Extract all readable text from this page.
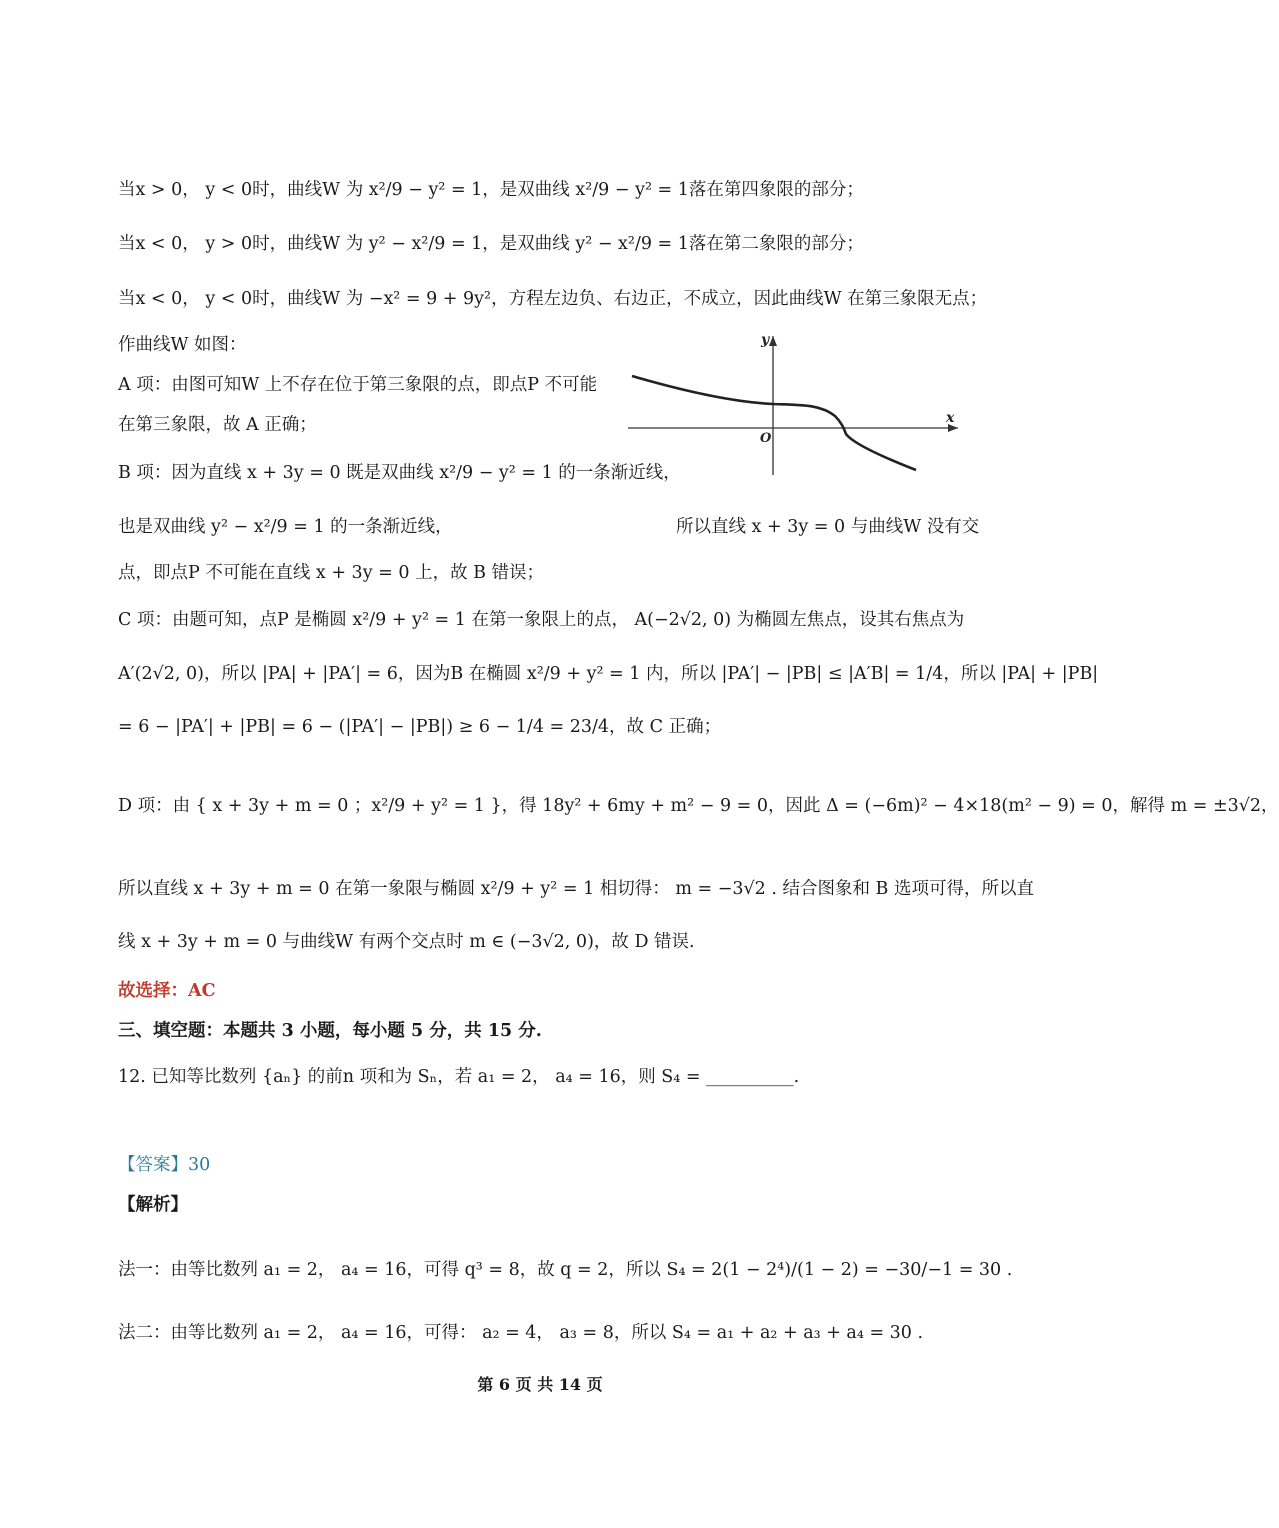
当x > 0， y < 0时，曲线W 为 x²/9 − y² = 1，是双曲线 x²/9 − y² = 1落在第四象限的部分；
当x < 0， y > 0时，曲线W 为 y² − x²/9 = 1，是双曲线 y² − x²/9 = 1落在第二象限的部分；
当x < 0， y < 0时，曲线W 为 −x² = 9 + 9y²，方程左边负、右边正，不成立，因此曲线W 在第三象限无点；
作曲线W 如图：
A 项：由图可知W 上不存在位于第三象限的点，即点P 不可能
在第三象限，故 A 正确；
B 项：因为直线 x + 3y = 0 既是双曲线 x²/9 − y² = 1 的一条渐近线，
也是双曲线 y² − x²/9 = 1 的一条渐近线，	所以直线 x + 3y = 0 与曲线W 没有交
点，即点P 不可能在直线 x + 3y = 0 上，故 B 错误；
C 项：由题可知，点P 是椭圆 x²/9 + y² = 1 在第一象限上的点， A(−2√2, 0) 为椭圆左焦点，设其右焦点为
A′(2√2, 0)，所以 |PA| + |PA′| = 6，因为B 在椭圆 x²/9 + y² = 1 内，所以 |PA′| − |PB| ≤ |A′B| = 1/4，所以 |PA| + |PB|
= 6 − |PA′| + |PB| = 6 − (|PA′| − |PB|) ≥ 6 − 1/4 = 23/4，故 C 正确；
D 项：由 { x + 3y + m = 0 ；x²/9 + y² = 1 }，得 18y² + 6my + m² − 9 = 0，因此 Δ = (−6m)² − 4×18(m² − 9) = 0，解得 m = ±3√2，
所以直线 x + 3y + m = 0 在第一象限与椭圆 x²/9 + y² = 1 相切得： m = −3√2 . 结合图象和 B 选项可得，所以直
线 x + 3y + m = 0 与曲线W 有两个交点时 m ∈ (−3√2, 0)，故 D 错误.
故选择：AC
三、填空题：本题共 3 小题，每小题 5 分，共 15 分.
12. 已知等比数列 {aₙ} 的前n 项和为 Sₙ，若 a₁ = 2， a₄ = 16，则 S₄ = __________.
【答案】30
【解析】
法一：由等比数列 a₁ = 2， a₄ = 16，可得 q³ = 8，故 q = 2，所以 S₄ = 2(1 − 2⁴)/(1 − 2) = −30/−1 = 30 .
法二：由等比数列 a₁ = 2， a₄ = 16，可得： a₂ = 4， a₃ = 8，所以 S₄ = a₁ + a₂ + a₃ + a₄ = 30 .
x
y
O
第 6 页 共 14 页
